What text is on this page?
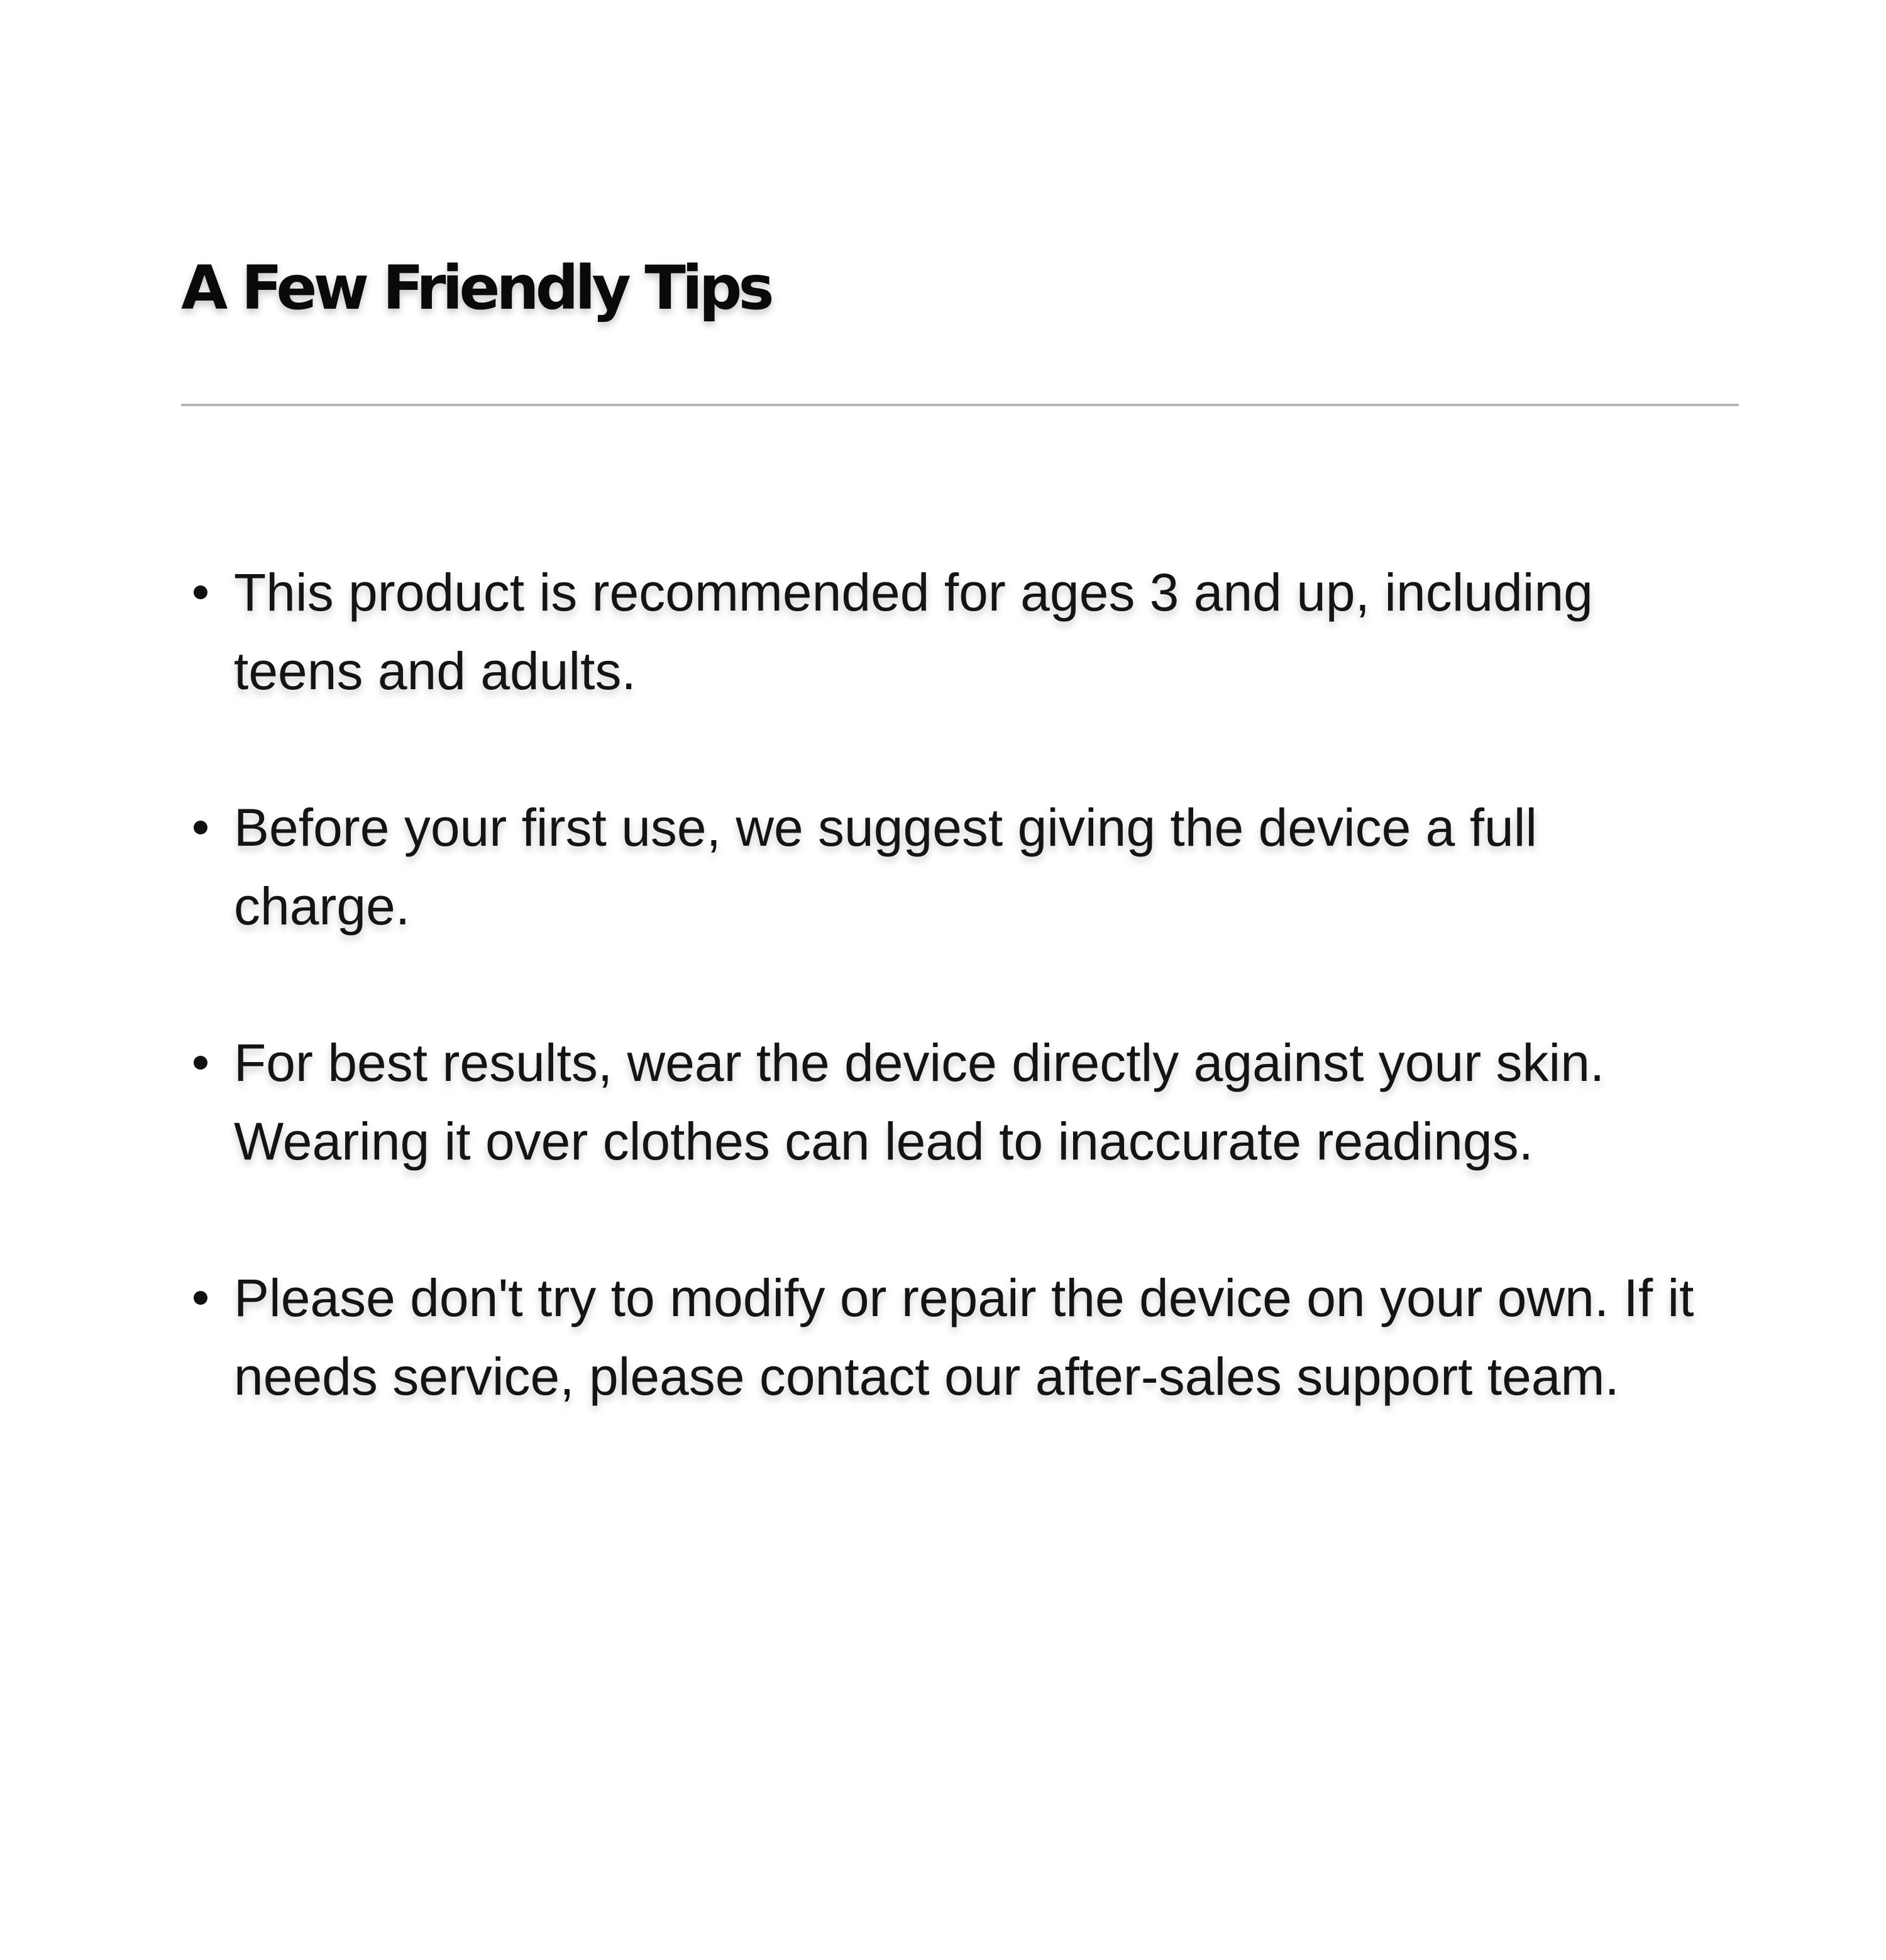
A Few Friendly Tips
This product is recommended for ages 3 and up, including teens and adults.
Before your first use, we suggest giving the device a full charge.
For best results, wear the device directly against your skin. Wearing it over clothes can lead to inaccurate readings.
Please don't try to modify or repair the device on your own. If it needs service, please contact our after-sales support team.
